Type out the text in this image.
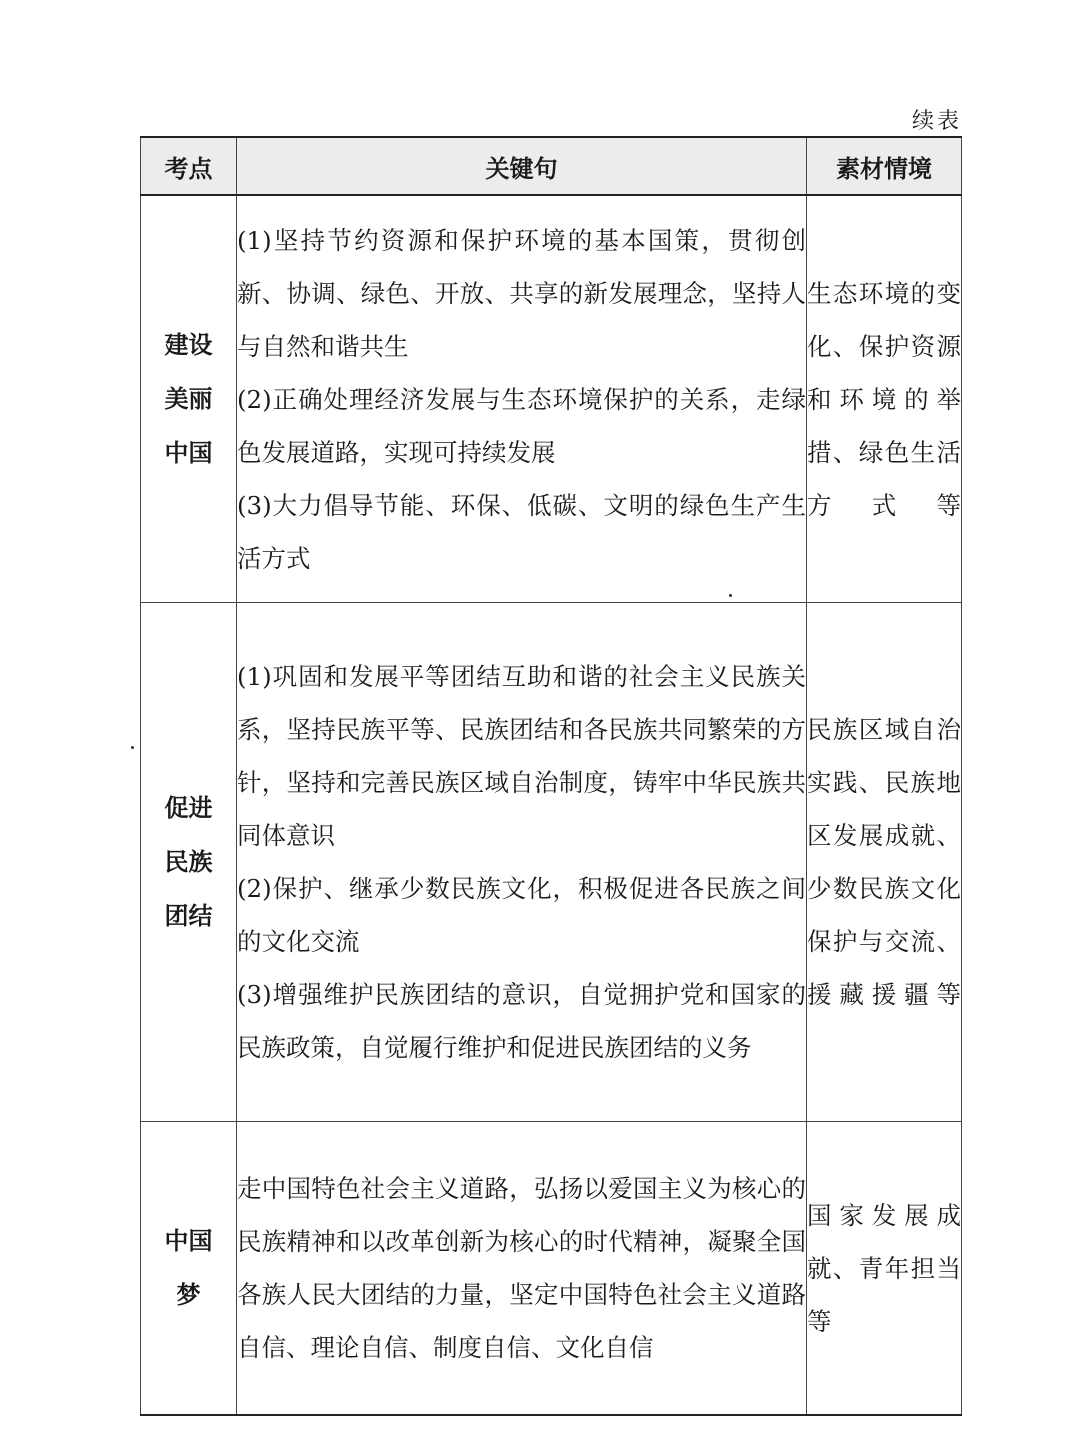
续表
考点	关键句	素材情境
建设美丽中国	(1)坚持节约资源和保护环境的基本国策，贯彻创新、协调、绿色、开放、共享的新发展理念，坚持人与自然和谐共生
(2)正确处理经济发展与生态环境保护的关系，走绿色发展道路，实现可持续发展
(3)大力倡导节能、环保、低碳、文明的绿色生产生活方式	生态环境的变化、保护资源和环境的举措、绿色生活方式等
促进民族团结	(1)巩固和发展平等团结互助和谐的社会主义民族关系，坚持民族平等、民族团结和各民族共同繁荣的方针，坚持和完善民族区域自治制度，铸牢中华民族共同体意识
(2)保护、继承少数民族文化，积极促进各民族之间的文化交流
(3)增强维护民族团结的意识，自觉拥护党和国家的民族政策，自觉履行维护和促进民族团结的义务	民族区域自治实践、民族地区发展成就、少数民族文化保护与交流、援藏援疆等
中国梦	走中国特色社会主义道路，弘扬以爱国主义为核心的民族精神和以改革创新为核心的时代精神，凝聚全国各族人民大团结的力量，坚定中国特色社会主义道路自信、理论自信、制度自信、文化自信	国家发展成就、青年担当等
